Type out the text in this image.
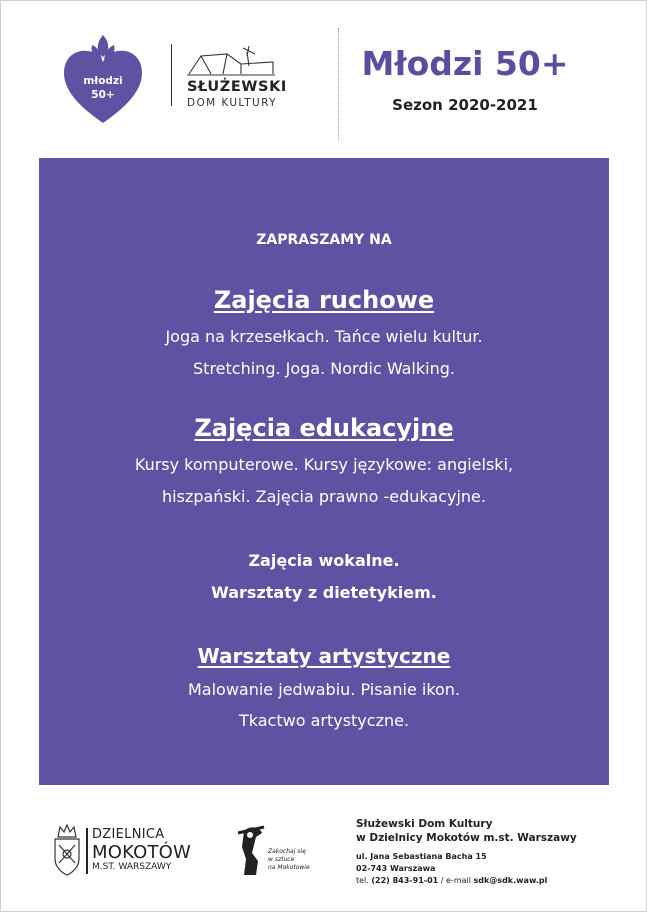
młodzi
50+	SŁUŻEWSKI
DOM KULTURY
Młodzi 50+
Sezon 2020-2021
ZAPRASZAMY NA
Zajęcia ruchowe
Joga na krzesełkach. Tańce wielu kultur.
Stretching. Joga. Nordic Walking.
Zajęcia edukacyjne
Kursy komputerowe. Kursy językowe: angielski,
hiszpański. Zajęcia prawno -edukacyjne.
Zajęcia wokalne.
Warsztaty z dietetykiem.
Warsztaty artystyczne
Malowanie jedwabiu. Pisanie ikon.
Tkactwo artystyczne.
DZIELNICA
MOKOTÓW
M.ST. WARSZAWY
Zakochaj się
w sztuce
na Mokotowie
Służewski Dom Kultury
w Dzielnicy Mokotów m.st. Warszawy
ul. Jana Sebastiana Bacha 15
02-743 Warszawa
tel. (22) 843-91-01 / e-mail sdk@sdk.waw.pl
